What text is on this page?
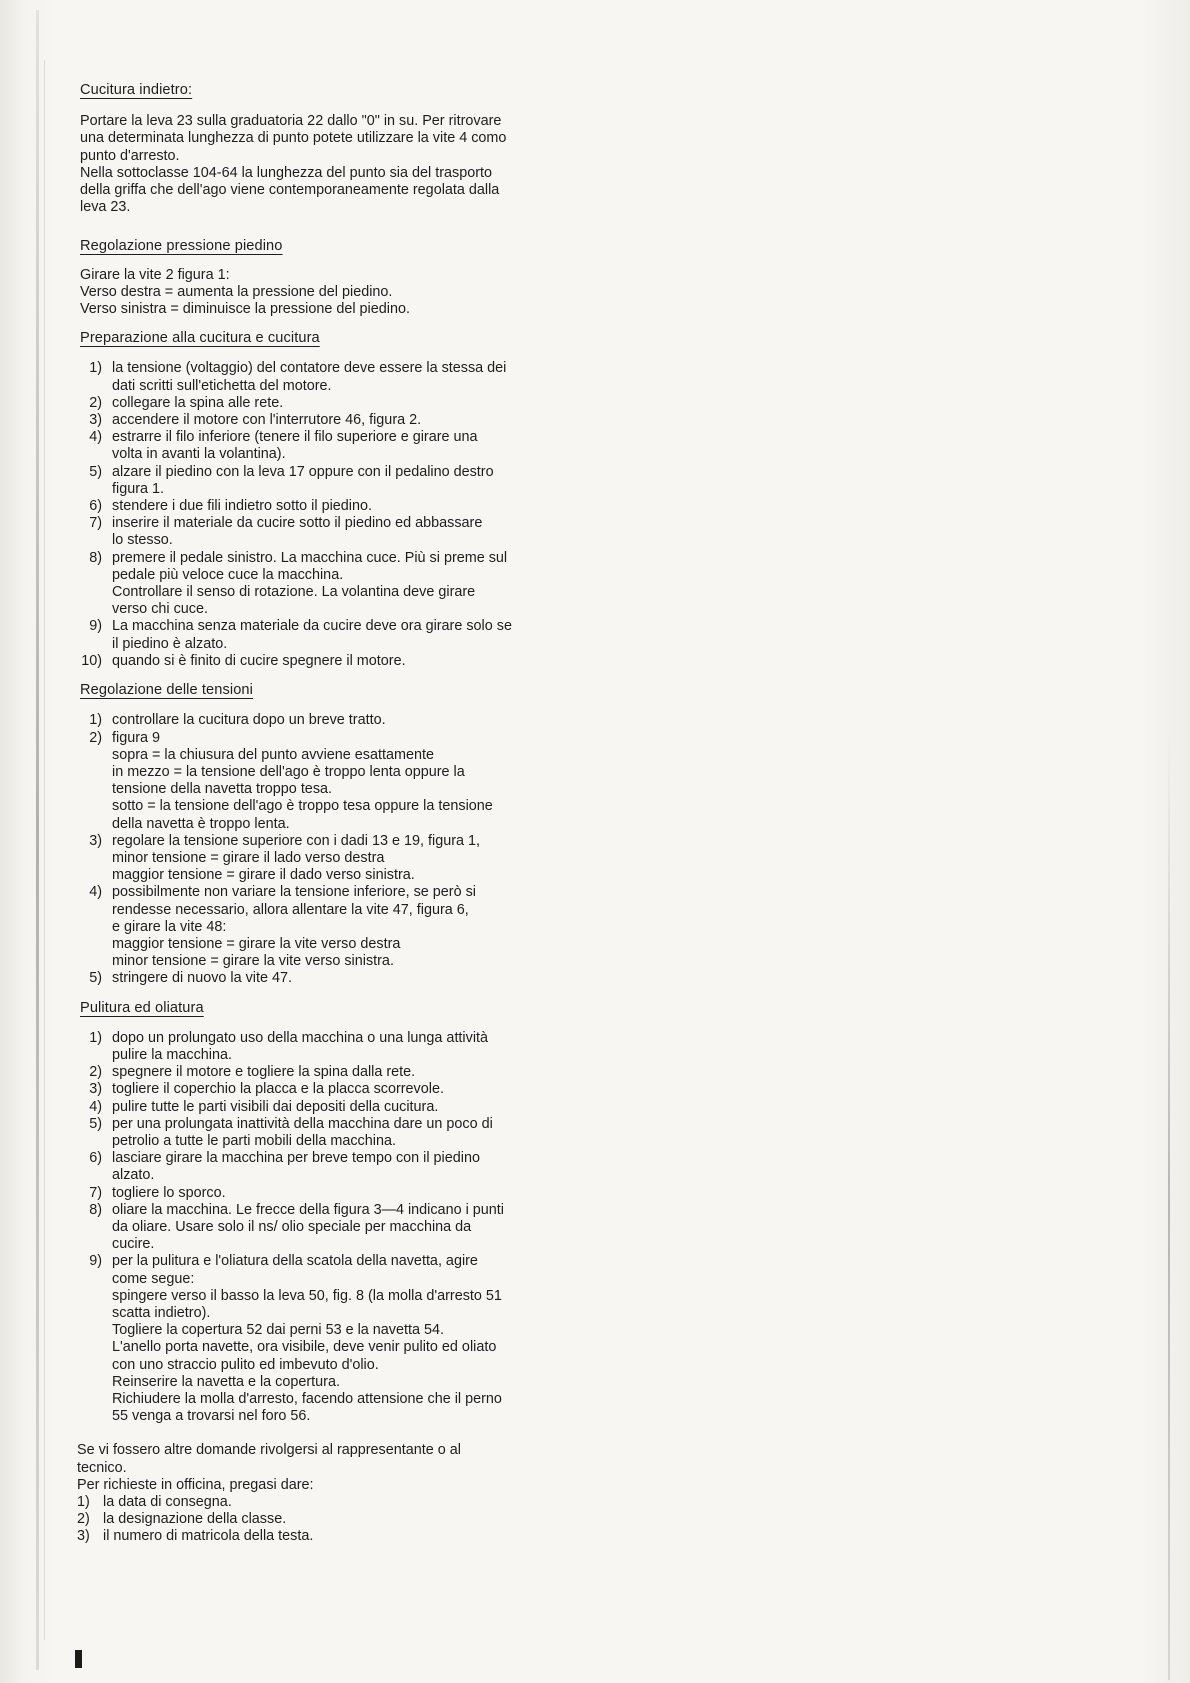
Cucitura indietro:

Portare la leva 23 sulla graduatoria 22 dallo "0" in su. Per ritrovare
una determinata lunghezza di punto potete utilizzare la vite 4 como
punto d'arresto.
Nella sottoclasse 104-64 la lunghezza del punto sia del trasporto
della griffa che dell'ago viene contemporaneamente regolata dalla
leva 23.

Regolazione pressione piedino

Girare la vite 2 figura 1:
Verso destra = aumenta la pressione del piedino.
Verso sinistra = diminuisce la pressione del piedino.

Preparazione alla cucitura e cucitura
1) la tensione (voltaggio) del contatore deve essere la stessa dei
dati scritti sull'etichetta del motore.
2) collegare la spina alle rete.
3) accendere il motore con l'interrutore 46, figura 2.
4) estrarre il filo inferiore (tenere il filo superiore e girare una
volta in avanti la volantina).
5) alzare il piedino con la leva 17 oppure con il pedalino destro
figura 1.
6) stendere i due fili indietro sotto il piedino.
7) inserire il materiale da cucire sotto il piedino ed abbassare
lo stesso.
8) premere il pedale sinistro. La macchina cuce. Più si preme sul
pedale più veloce cuce la macchina.
Controllare il senso di rotazione. La volantina deve girare
verso chi cuce.
9) La macchina senza materiale da cucire deve ora girare solo se
il piedino è alzato.
10) quando si è finito di cucire spegnere il motore.
Regolazione delle tensioni
1) controllare la cucitura dopo un breve tratto.
2) figura 9
sopra = la chiusura del punto avviene esattamente
in mezzo = la tensione dell'ago è troppo lenta oppure la
tensione della navetta troppo tesa.
sotto = la tensione dell'ago è troppo tesa oppure la tensione
della navetta è troppo lenta.
3) regolare la tensione superiore con i dadi 13 e 19, figura 1,
minor tensione = girare il lado verso destra
maggior tensione = girare il dado verso sinistra.
4) possibilmente non variare la tensione inferiore, se però si
rendesse necessario, allora allentare la vite 47, figura 6,
e girare la vite 48:
maggior tensione = girare la vite verso destra
minor tensione = girare la vite verso sinistra.
5) stringere di nuovo la vite 47.
Pulitura ed oliatura
1) dopo un prolungato uso della macchina o una lunga attività
pulire la macchina.
2) spegnere il motore e togliere la spina dalla rete.
3) togliere il coperchio la placca e la placca scorrevole.
4) pulire tutte le parti visibili dai depositi della cucitura.
5) per una prolungata inattività della macchina dare un poco di
petrolio a tutte le parti mobili della macchina.
6) lasciare girare la macchina per breve tempo con il piedino
alzato.
7) togliere lo sporco.
8) oliare la macchina. Le frecce della figura 3—4 indicano i punti
da oliare. Usare solo il ns/ olio speciale per macchina da
cucire.
9) per la pulitura e l'oliatura della scatola della navetta, agire
come segue:
spingere verso il basso la leva 50, fig. 8 (la molla d'arresto 51
scatta indietro).
Togliere la copertura 52 dai perni 53 e la navetta 54.
L'anello porta navette, ora visibile, deve venir pulito ed oliato
con uno straccio pulito ed imbevuto d'olio.
Reinserire la navetta e la copertura.
Richiudere la molla d'arresto, facendo attensione che il perno
55 venga a trovarsi nel foro 56.

Se vi fossero altre domande rivolgersi al rappresentante o al
tecnico.
Per richieste in officina, pregasi dare:

1) la data di consegna.
2) la designazione della classe.
3) il numero di matricola della testa.
